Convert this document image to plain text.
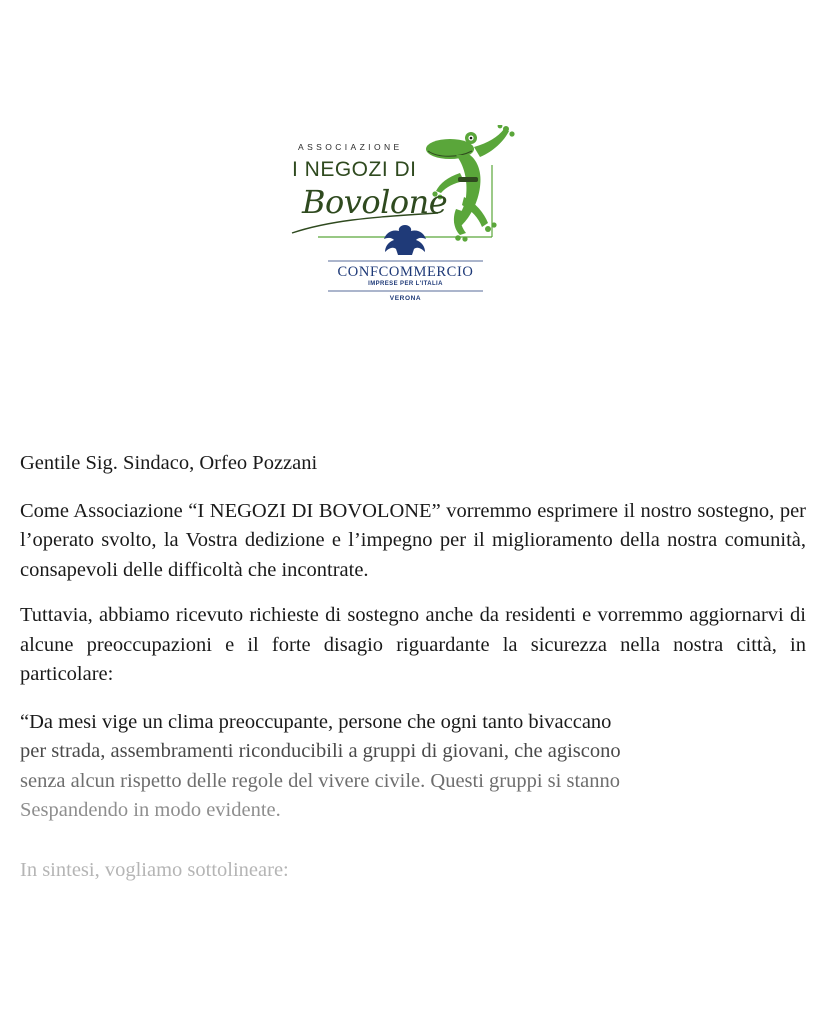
ASSOCIAZIONE
I NEGOZI DI
Bovolone
CONFCOMMERCIO
IMPRESE PER L'ITALIA
VERONA

Gentile Sig. Sindaco, Orfeo Pozzani

Come Associazione “I NEGOZI DI BOVOLONE” vorremmo esprimere il nostro sostegno, per l’operato svolto, la Vostra dedizione e l’impegno per il miglioramento della nostra comunità, consapevoli delle difficoltà che incontrate.

Tuttavia, abbiamo ricevuto richieste di sostegno anche da residenti e vorremmo aggiornarvi di alcune preoccupazioni e il forte disagio riguardante la sicurezza nella nostra città, in particolare:

“Da mesi vige un clima preoccupante, persone che ogni tanto bivaccano
per strada, assembramenti riconducibili a gruppi di giovani, che agiscono
senza alcun rispetto delle regole del vivere civile. Questi gruppi si stanno
Sespandendo in modo evidente.

In sintesi, vogliamo sottolineare:
